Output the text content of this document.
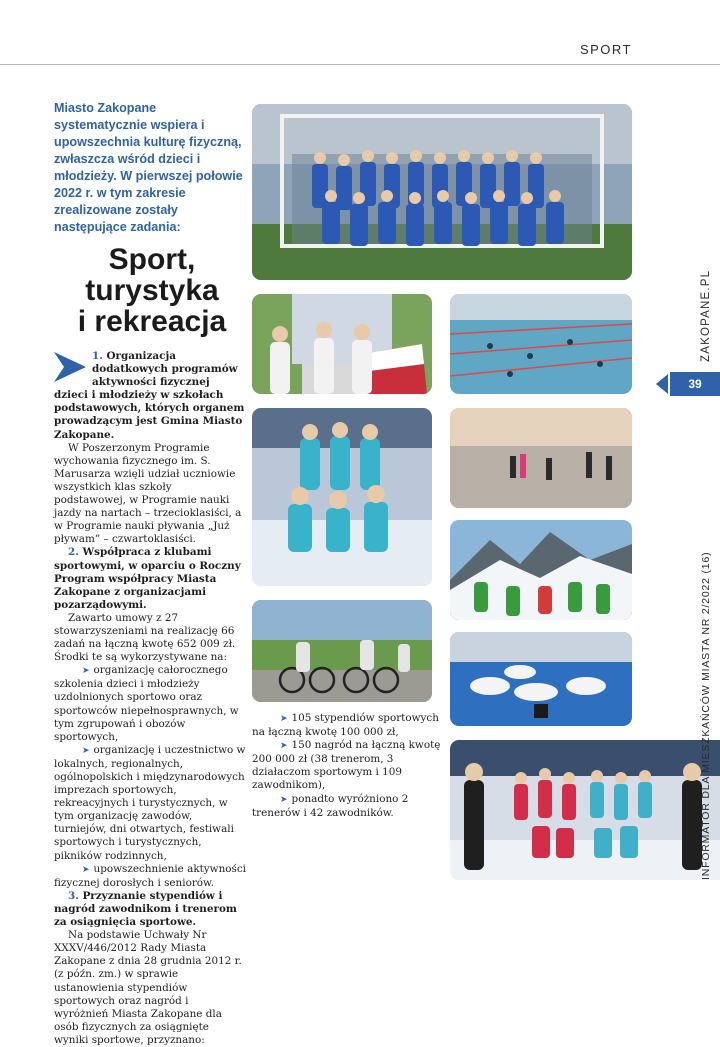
SPORT
Miasto Zakopane systematycznie wspiera i upowszechnia kulturę fizyczną, zwłaszcza wśród dzieci i młodzieży. W pierwszej połowie 2022 r. w tym zakresie zrealizowane zostały następujące zadania:
Sport,
turystyka
i rekreacja

1. Organizacja dodatkowych programów aktywności fizycznej dzieci i młodzieży w szkołach podstawowych, których organem prowadzącym jest Gmina Miasto Zakopane.

W Poszerzonym Programie wychowania fizycznego im. S. Marusarza wzięli udział uczniowie wszystkich klas szkoły podstawowej, w Programie nauki jazdy na nartach – trzecioklasiści, a w Programie nauki pływania „Już pływam” – czwartoklasiści.

2. Współpraca z klubami sportowymi, w oparciu o Roczny Program współpracy Miasta Zakopane z organizacjami pozarządowymi.

Zawarto umowy z 27 stowarzyszeniami na realizację 66 zadań na łączną kwotę 652 009 zł. Środki te są wykorzystywane na:

➤ organizację całorocznego szkolenia dzieci i młodzieży uzdolnionych sportowo oraz sportowców niepełnosprawnych, w tym zgrupowań i obozów sportowych,

➤ organizację i uczestnictwo w lokalnych, regionalnych, ogólnopolskich i międzynarodowych imprezach sportowych, rekreacyjnych i turystycznych, w tym organizację zawodów, turniejów, dni otwartych, festiwali sportowych i turystycznych, pikników rodzinnych,

➤ upowszechnienie aktywności fizycznej dorosłych i seniorów.

3. Przyznanie stypendiów i nagród zawodnikom i trenerom za osiągnięcia sportowe.

Na podstawie Uchwały Nr XXXV/446/2012 Rady Miasta Zakopane z dnia 28 grudnia 2012 r. (z późn. zm.) w sprawie ustanowienia stypendiów sportowych oraz nagród i wyróżnień Miasta Zakopane dla osób fizycznych za osiągnięte wyniki sportowe, przyznano:

➤ 105 stypendiów sportowych na łączną kwotę 100 000 zł,

➤ 150 nagród na łączną kwotę 200 000 zł (38 trenerom, 3 działaczom sportowym i 109 zawodnikom),

➤ ponadto wyróżniono 2 trenerów i 42 zawodników.

ZAKOPANE.PL
39
INFORMATOR DLA MIESZKAŃCÓW MIASTA NR 2/2022 (16)
